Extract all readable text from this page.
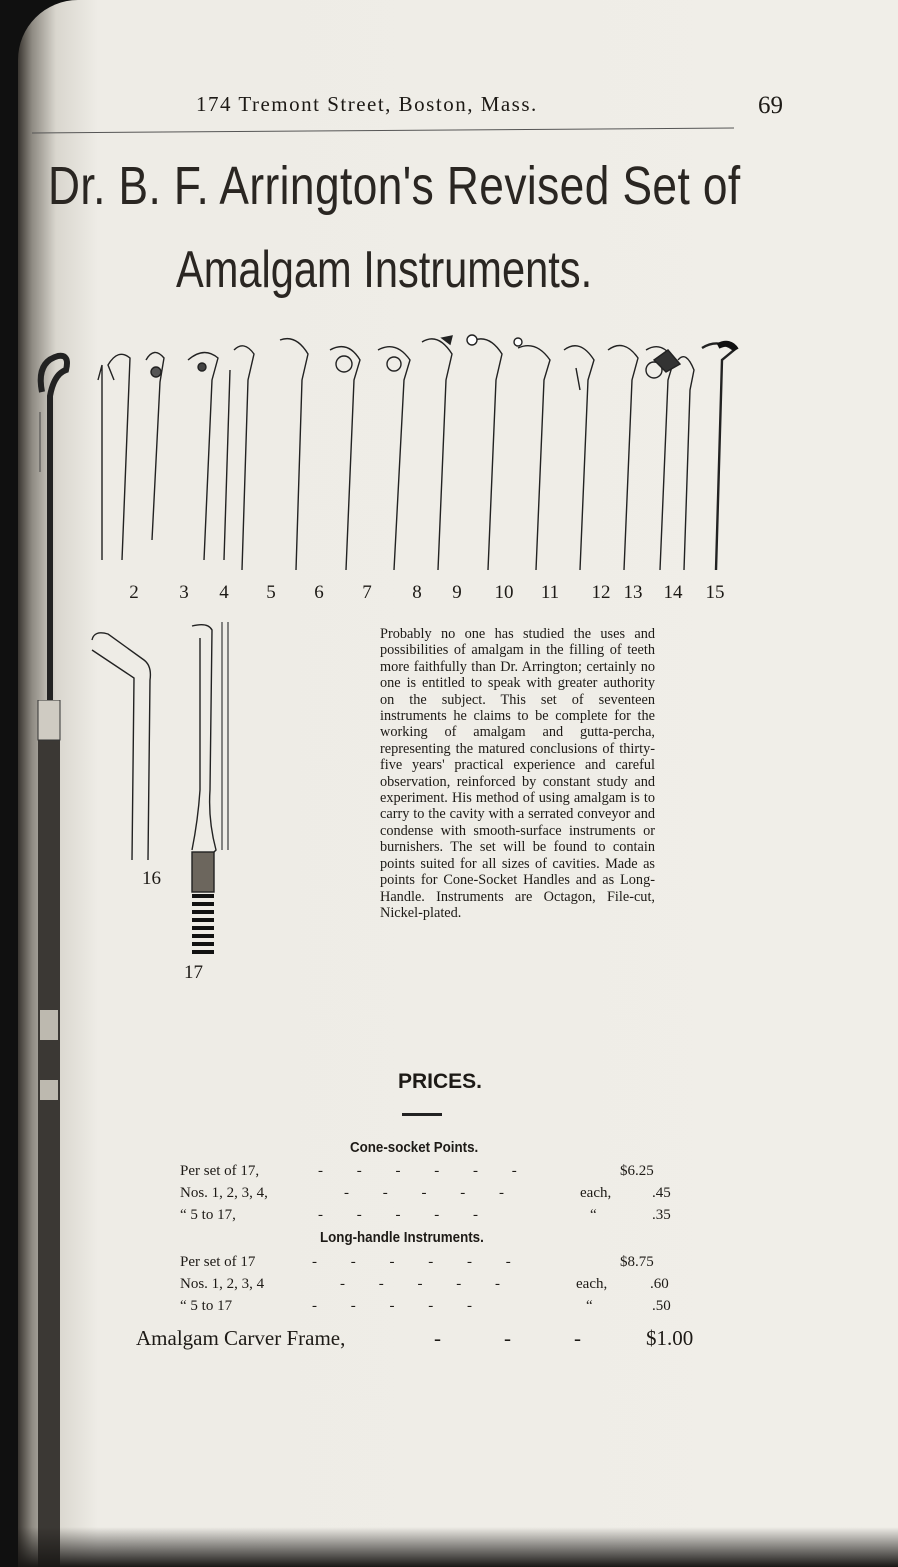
174 Tremont Street, Boston, Mass.	69
Dr. B. F. Arrington's Revised Set of
Amalgam Instruments.
2	3	4	5	6	7	8	9	10	11	12 13 14 15
16
17
Probably no one has studied the uses and possibilities of amalgam in the filling of teeth more faithfully than Dr. Arrington; certainly no one is entitled to speak with greater authority on the subject. This set of seventeen instruments he claims to be complete for the working of amalgam and gutta-percha, representing the matured conclusions of thirty-five years' practical experience and careful observation, reinforced by constant study and experiment. His method of using amalgam is to carry to the cavity with a serrated conveyor and condense with smooth-surface instruments or burnishers. The set will be found to contain points suited for all sizes of cavities. Made as points for Cone-Socket Handles and as Long-Handle. Instruments are Octagon, File-cut, Nickel-plated.
PRICES.
Cone-socket Points.
Per set of 17,	-         -         -         -         -         -	$6.25
Nos. 1, 2, 3, 4,	-         -         -         -         -	each,	.45
“ 5 to 17,	-         -         -         -         -	“	.35
Long-handle Instruments.
Per set of 17	-         -         -         -         -         -	$8.75
Nos. 1, 2, 3, 4	-         -         -         -         -	each,	.60
“ 5 to 17	-         -         -         -         -	“	.50
Amalgam Carver Frame,	-            -            -	$1.00
